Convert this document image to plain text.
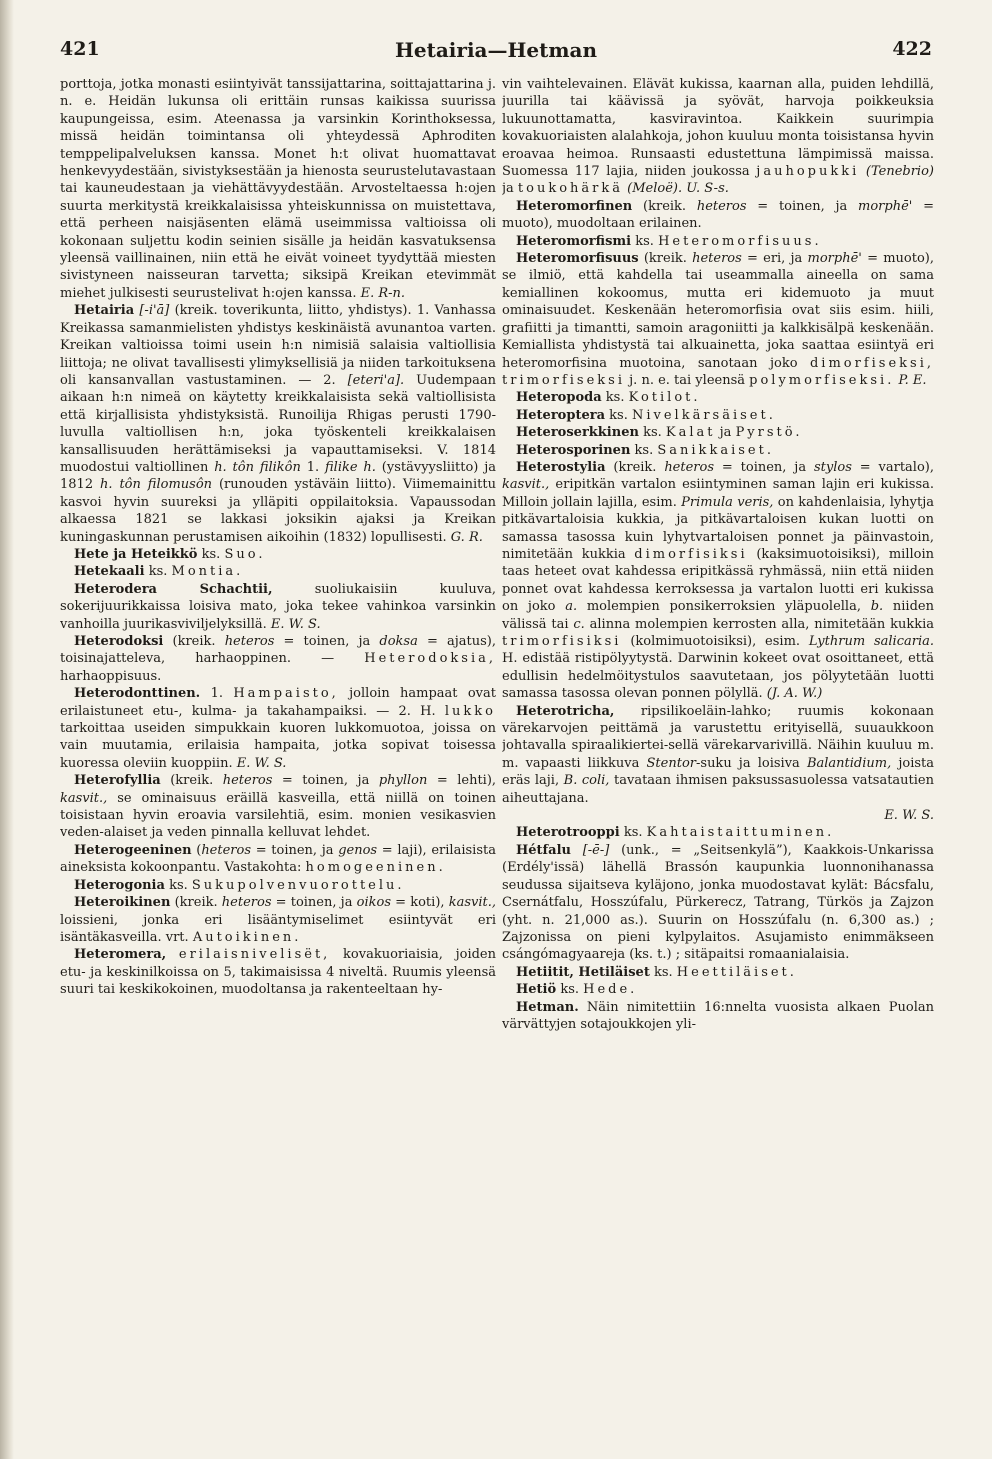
421	Hetairia—Hetman	422

porttoja, jotka monasti esiintyivät tanssijattarina, soittajattarina j. n. e. Heidän lukunsa oli erittäin runsas kaikissa suurissa kaupungeissa, esim. Ateenassa ja varsinkin Korinthoksessa, missä heidän toimintansa oli yhteydessä Aphroditen temppelipalveluksen kanssa. Monet h:t olivat huomattavat henkevyydestään, sivistyksestään ja hienosta seurustelutavastaan tai kauneudestaan ja viehättävyydestään. Arvosteltaessa h:ojen suurta merkitystä kreikkalaisissa yhteiskunnissa on muistettava, että perheen naisjäsenten elämä useimmissa valtioissa oli kokonaan suljettu kodin seinien sisälle ja heidän kasvatuksensa yleensä vaillinainen, niin että he eivät voineet tyydyttää miesten sivistyneen naisseuran tarvetta; siksipä Kreikan etevimmät miehet julkisesti seurustelivat h:ojen kanssa. E. R-n.

Hetairia [-i'ā] (kreik. toverikunta, liitto, yhdistys). 1. Vanhassa Kreikassa samanmielisten yhdistys keskinäistä avunantoa varten. Kreikan valtioissa toimi usein h:n nimisiä salaisia valtiollisia liittoja; ne olivat tavallisesti ylimyksellisiä ja niiden tarkoituksena oli kansanvallan vastustaminen. — 2. [eteri'a]. Uudempaan aikaan h:n nimeä on käytetty kreikkalaisista sekä valtiollisista että kirjallisista yhdistyksistä. Runoilija Rhigas perusti 1790-luvulla valtiollisen h:n, joka työskenteli kreikkalaisen kansallisuuden herättämiseksi ja vapauttamiseksi. V. 1814 muodostui valtiollinen h. tôn filikôn 1. filike h. (ystävyysliitto) ja 1812 h. tôn filomusôn (runouden ystäväin liitto). Viimemainittu kasvoi hyvin suureksi ja ylläpiti oppilaitoksia. Vapaussodan alkaessa 1821 se lakkasi joksikin ajaksi ja Kreikan kuningaskunnan perustamisen aikoihin (1832) lopullisesti. G. R.

Hete ja Heteikkö ks. Suo.

Hetekaali ks. Montia.

Heterodera Schachtii,	suoliukaisiin kuuluva, sokerijuurikkaissa loisiva mato, joka tekee vahinkoa varsinkin vanhoilla juurikasviviljelyksillä. E. W. S.

Heterodoksi (kreik. heteros = toinen, ja doksa = ajatus), toisinajatteleva, harhaoppinen. — Heterodoksia, harhaoppisuus.

Heterodonttinen. 1. Hampaisto, jolloin hampaat ovat erilaistuneet etu-, kulma- ja takahampaiksi. — 2. H. lukko tarkoittaa useiden simpukkain kuoren lukkomuotoa, joissa on vain muutamia, erilaisia hampaita, jotka sopivat toisessa kuoressa oleviin kuoppiin. E. W. S.

Heterofyllia (kreik. heteros = toinen, ja phyllon = lehti), kasvit., se ominaisuus eräillä kasveilla, että niillä on toinen toisistaan hyvin eroavia varsilehtiä, esim. monien vesikasvien veden-alaiset ja veden pinnalla kelluvat lehdet.

Heterogeeninen (heteros = toinen, ja genos = laji), erilaisista aineksista kokoonpantu. Vastakohta: homogeeninen.

Heterogonia ks. Sukupolvenvuorottelu.

Heteroikinen (kreik. heteros = toinen, ja oikos = koti), kasvit., loissieni, jonka eri lisääntymiselimet esiintyvät eri isäntäkasveilla. vrt. Autoikinen.

Heteromera, erilaisnivelisët, kovakuoriaisia, joiden etu- ja keskinilkoissa on 5, takimaisissa 4 niveltä. Ruumis yleensä suuri tai keskikokoinen, muodoltansa ja rakenteeltaan hy-

vin vaihtelevainen. Elävät kukissa, kaarnan alla, puiden lehdillä, juurilla tai käävissä ja syövät, harvoja poikkeuksia lukuunottamatta, kasviravintoa. Kaikkein suurimpia kovakuoriaisten alalahkoja, johon kuuluu monta toisistansa hyvin eroavaa heimoa. Runsaasti edustettuna lämpimissä maissa. Suomessa 117 lajia, niiden joukossa jauhopukki (Tenebrio) ja toukohärkä (Meloë). U. S-s.

Heteromorfinen (kreik. heteros = toinen, ja morphē' = muoto), muodoltaan erilainen.

Heteromorfismi ks. Heteromorfisuus.

Heteromorfisuus (kreik. heteros = eri, ja morphē' = muoto), se ilmiö, että kahdella tai useammalla aineella on sama kemiallinen kokoomus, mutta eri kidemuoto ja muut ominaisuudet. Keskenään heteromorfisia ovat siis esim. hiili, grafiitti ja timantti, samoin aragoniitti ja kalkkisälpä keskenään. Kemiallista yhdistystä tai alkuainetta, joka saattaa esiintyä eri heteromorfisina muotoina, sanotaan joko dimorfiseksi, trimorfiseksi j. n. e. tai yleensä polymorfiseksi. P. E.

Heteropoda ks. Kotilot.

Heteroptera ks. Nivelkärsäiset.

Heteroserkkinen ks. Kalat ja Pyrstö.

Heterosporinen ks. Sanikkaiset.

Heterostylia (kreik. heteros = toinen, ja stylos = vartalo), kasvit., eripitkän vartalon esiintyminen saman lajin eri kukissa. Milloin jollain lajilla, esim. Primula veris, on kahdenlaisia, lyhytja pitkävartaloisia kukkia, ja pitkävartaloisen kukan luotti on samassa tasossa kuin lyhytvartaloisen ponnet ja päinvastoin, nimitetään kukkia dimorfisiksi (kaksimuotoisiksi), milloin taas heteet ovat kahdessa eripitkässä ryhmässä, niin että niiden ponnet ovat kahdessa kerroksessa ja vartalon luotti eri kukissa on joko a. molempien ponsikerroksien yläpuolella, b. niiden välissä tai c. alinna molempien kerrosten alla, nimitetään kukkia trimorfisiksi (kolmimuotoisiksi), esim. Lythrum salicaria. H. edistää ristipölyytystä. Darwinin kokeet ovat osoittaneet, että edullisin hedelmöitystulos saavutetaan, jos pölyytetään luotti samassa tasossa olevan ponnen pölyllä. (J. A. W.)

Heterotricha, ripsilikoeläin-lahko; ruumis kokonaan värekarvojen peittämä ja varustettu erityisellä, suuaukkoon johtavalla spiraalikiertei-sellä värekarvarivillä. Näihin kuuluu m. m. vapaasti liikkuva Stentor-suku ja loisiva Balantidium, joista eräs laji, B. coli, tavataan ihmisen paksussasuolessa vatsatautien aiheuttajana.

E. W. S.

Heterotrooppi ks. Kahtaistaittuminen.

Hétfalu [-ē-] (unk., = „Seitsenkylä”), Kaakkois-Unkarissa (Erdély'issä) lähellä Brassón kaupunkia luonnonihanassa seudussa sijaitseva kyläjono, jonka muodostavat kylät: Bácsfalu, Csernátfalu, Hosszúfalu, Pürkerecz, Tatrang, Türkös ja Zajzon (yht. n. 21,000 as.). Suurin on Hosszúfalu (n. 6,300 as.) ; Zajzonissa on pieni kylpylaitos. Asujamisto enimmäkseen csángómagyaareja (ks. t.) ; sitäpaitsi romaanialaisia.

Hetiitit, Hetiläiset ks. Heettiläiset.

Hetiö ks. Hede.

Hetman. Näin nimitettiin 16:nnelta vuosista alkaen Puolan värvättyjen sotajoukkojen yli-
